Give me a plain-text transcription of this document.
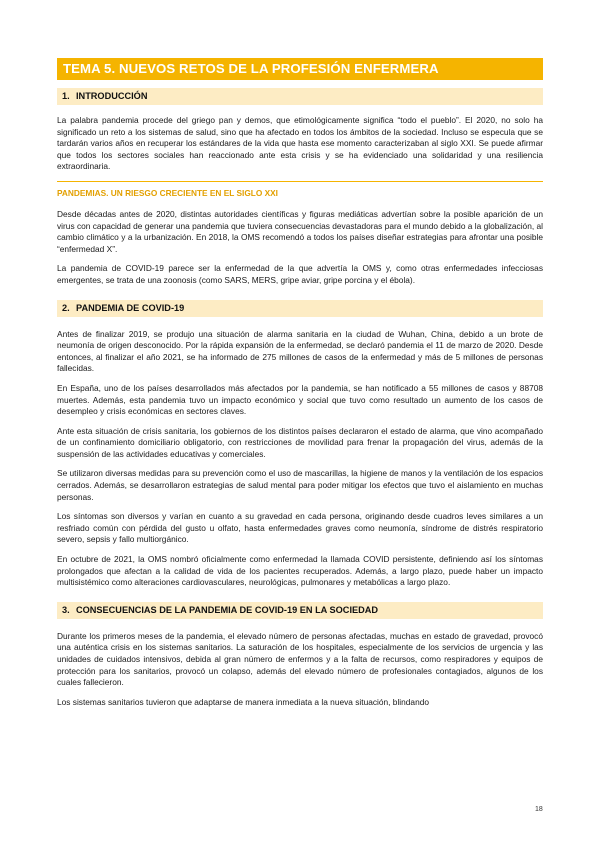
TEMA 5. NUEVOS RETOS DE LA PROFESIÓN ENFERMERA
1. INTRODUCCIÓN

La palabra pandemia procede del griego pan y demos, que etimológicamente significa “todo el pueblo”. El 2020, no solo ha significado un reto a los sistemas de salud, sino que ha afectado en todos los ámbitos de la sociedad. Incluso se especula que se tardarán varios años en recuperar los estándares de la vida que hasta ese momento caracterizaban al siglo XXI. Se puede afirmar que todos los sectores sociales han reaccionado ante esta crisis y se ha evidenciado una solidaridad y una resiliencia extraordinaria.

PANDEMIAS. UN RIESGO CRECIENTE EN EL SIGLO XXI

Desde décadas antes de 2020, distintas autoridades científicas y figuras mediáticas advertían sobre la posible aparición de un virus con capacidad de generar una pandemia que tuviera consecuencias devastadoras para el mundo debido a la globalización, al cambio climático y a la urbanización. En 2018, la OMS recomendó a todos los países diseñar estrategias para afrontar una posible “enfermedad X”.

La pandemia de COVID-19 parece ser la enfermedad de la que advertía la OMS y, como otras enfermedades infecciosas emergentes, se trata de una zoonosis (como SARS, MERS, gripe aviar, gripe porcina y el ébola).

2. PANDEMIA DE COVID-19

Antes de finalizar 2019, se produjo una situación de alarma sanitaria en la ciudad de Wuhan, China, debido a un brote de neumonía de origen desconocido. Por la rápida expansión de la enfermedad, se declaró pandemia el 11 de marzo de 2020. Desde entonces, al finalizar el año 2021, se ha informado de 275 millones de casos de la enfermedad y más de 5 millones de personas fallecidas.

En España, uno de los países desarrollados más afectados por la pandemia, se han notificado a 55 millones de casos y 88708 muertes. Además, esta pandemia tuvo un impacto económico y social que tuvo como resultado un aumento de los casos de desempleo y crisis económicas en sectores claves.

Ante esta situación de crisis sanitaria, los gobiernos de los distintos países declararon el estado de alarma, que vino acompañado de un confinamiento domiciliario obligatorio, con restricciones de movilidad para frenar la propagación del virus, además de la suspensión de las actividades educativas y comerciales.

Se utilizaron diversas medidas para su prevención como el uso de mascarillas, la higiene de manos y la ventilación de los espacios cerrados. Además, se desarrollaron estrategias de salud mental para poder mitigar los efectos que tuvo el aislamiento en muchas personas.

Los síntomas son diversos y varían en cuanto a su gravedad en cada persona, originando desde cuadros leves similares a un resfriado común con pérdida del gusto u olfato, hasta enfermedades graves como neumonía, síndrome de distrés respiratorio severo, sepsis y fallo multiorgánico.

En octubre de 2021, la OMS nombró oficialmente como enfermedad la llamada COVID persistente, definiendo así los síntomas prolongados que afectan a la calidad de vida de los pacientes recuperados. Además, a largo plazo, puede haber un impacto multisistémico como alteraciones cardiovasculares, neurológicas, pulmonares y metabólicas a largo plazo.

3. CONSECUENCIAS DE LA PANDEMIA DE COVID-19 EN LA SOCIEDAD

Durante los primeros meses de la pandemia, el elevado número de personas afectadas, muchas en estado de gravedad, provocó una auténtica crisis en los sistemas sanitarios. La saturación de los hospitales, especialmente de los servicios de urgencia y las unidades de cuidados intensivos, debida al gran número de enfermos y a la falta de recursos, como respiradores y equipos de protección para los sanitarios, provocó un colapso, además del elevado número de profesionales contagiados, algunos de los cuales fallecieron.

Los sistemas sanitarios tuvieron que adaptarse de manera inmediata a la nueva situación, blindando

18
